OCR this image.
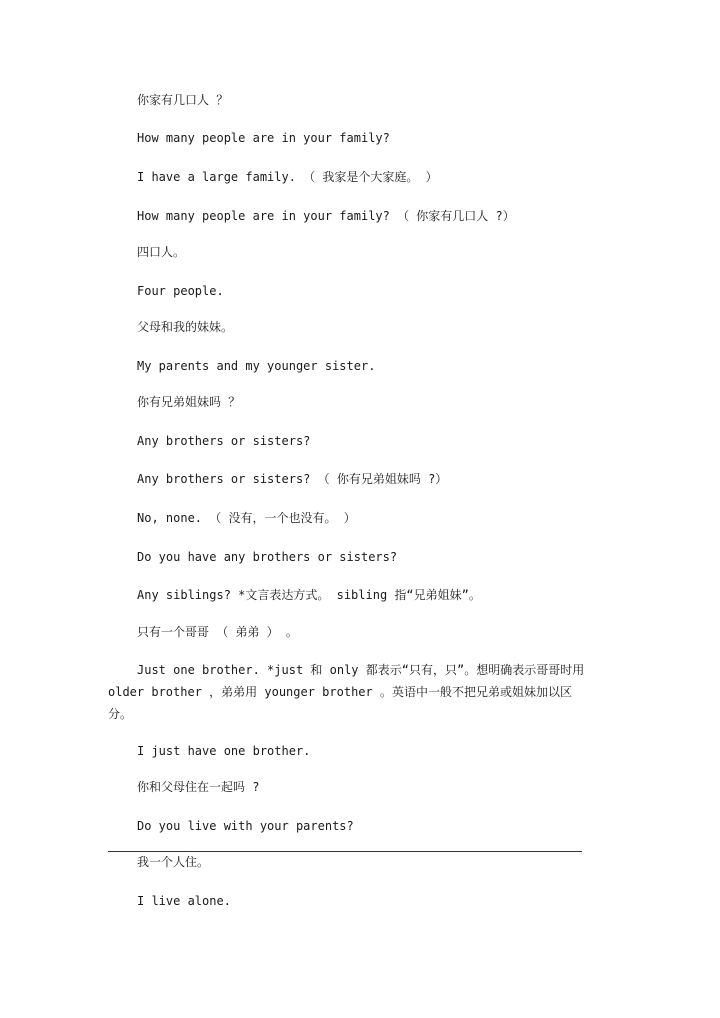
你家有几口人 ？
How many people are in your family?
I have a large family. （ 我家是个大家庭。 ）
How many people are in your family? （ 你家有几口人 ?）
四口人。
Four people.
父母和我的妹妹。
My parents and my younger sister.
你有兄弟姐妹吗 ？
Any brothers or sisters?
Any brothers or sisters? （ 你有兄弟姐妹吗 ?）
No, none. （ 没有，一个也没有。 ）
Do you have any brothers or sisters?
Any siblings? *文言表达方式。 sibling 指“兄弟姐妹”。
只有一个哥哥 （ 弟弟 ） 。
Just one brother. *just 和 only 都表示“只有，只”。想明确表示哥哥时用 older brother ，弟弟用 younger brother 。英语中一般不把兄弟或姐妹加以区分。
I just have one brother.
你和父母住在一起吗 ?
Do you live with your parents?
我一个人住。
I live alone.
